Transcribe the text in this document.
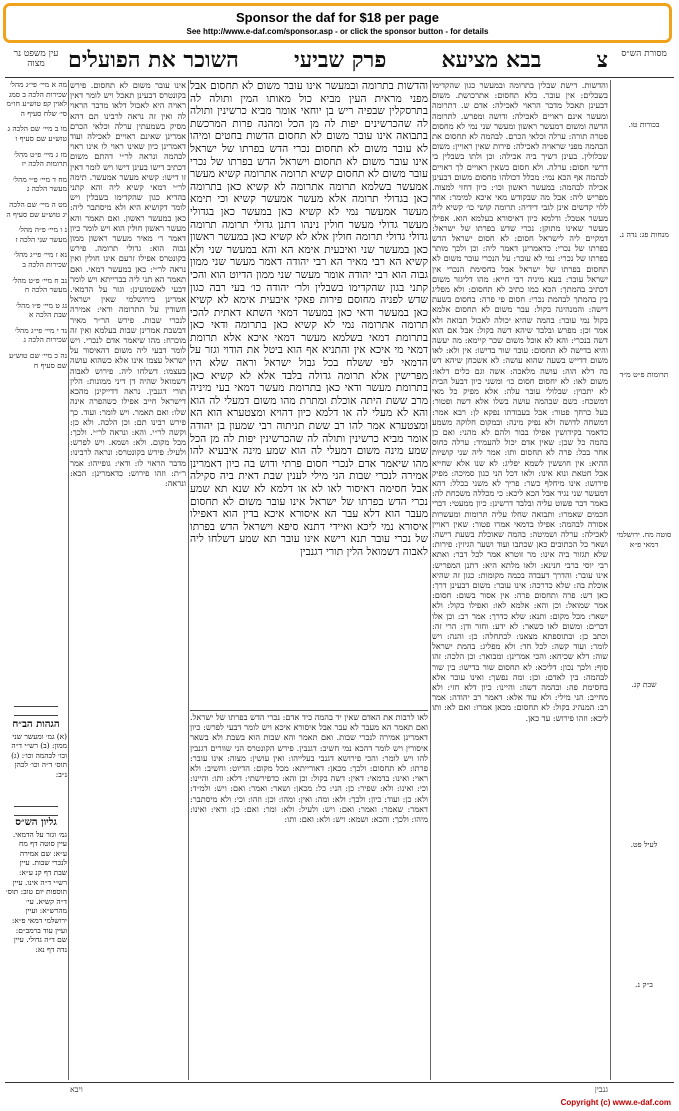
Sponsor the daf for $18 per page
See http://www.e-daf.com/sponsor.asp - or click the sponsor button - for details
עין משפט נר מצוה	השוכר את הפועלים	פרק שביעי	בבא מציעא	צ	מסורת הש״ס
בכורות טו.
מנחות פג: נדה נ.
תרומות פ״ט מ״ד
סוטה מח. ירושלמי דמאי פ״א
שבת קנ.
לעיל פט.
ב״ק נ.

והדשות. דישת שבלין בתרומה ובמעשר כגון שהקדימו בשבלים: אין עובר. בלא תחסום: אתרכושת. משום דבעינן תאכל מדבר הראוי לאכילה: אדם ש. דתרומה ומעשר אינם ראויים לאכילה: ודושה ומפרש. לתרומה הדשה ומשום דמעשר ראשון ומעשר שני נמי לא מחסום פטרה תורה: ערלה וכלאי הכרם. לבהמה לא תחסום את הבהמה מפני שראויה לאכילה: פירות שאין ראויין: משום שבלולין. בעינן דשיך ביה אכילה: וכן ולתו בשבלין בי דרשי חסום: ערלה. ולא חסום כשאין ראויים לך ראויים לבהמה אף הכא נמי: מכלל דכולהו מחסום משום דבעינן אכילה לבהמה: במעשר ראשון וכו׳: כיון דחזי למצוה. מפריש ליה: אבל מה שבקודש מאי איכא למימר: אחר ללוי קדשים אינן לגבי דידיה: תרומה קושי כו׳ קשיא ליה מעשר אטבל: ודלמא כיון דאיסורא בעלמא הוא. אפילו מעשר שאינו מתוקן: נכרי שדש בפרתו של ישראל: דמקיים ליה לישראל חסום: לא חסום ישראל הדש בפרתו של נכרי: כדאמרינן דאמר ליה: וכן ולכך מותר בפרתו של נכרי: נמי לא עובר: על הנכרי עובר משום לא תחסום בפרתו של ישראל אבל בחסימת הנכרי אין ישראל עובר: בעא מיניה רבי חייא: מהו דליגזר משום דכתיב בהמתך: הכא כמו כתיב לא תחסום: ולא מפליג בין בהמתך לבהמת נכרי: חסום פי פרה: בחסום בשעת דישה: והמנהיגה בקול: עבר משום לא תחסום אלמא בקול נמי עובר: בהמה שהיא יכולה לאכול תבואה ולא אמר וכן: מפרש ובלבד שיהא דשה בקול: אבל אם הוא דשה בנכרי: והא לא אוכל משום שכר קיימא: מה יעשה והיא בדישה לא תחסום: עובר שור בדישו: אין ולא: לאו משום דדייש בשעה שהוא עושה: לא אשכחן שיהא דש בה דלא הוה: עושה מלאכה: אשה וגם כלים דלאו: משום לאו: לא יחסום חסום כו׳ ומשני כיון דבעל הבית לא יתכוין: שבלולי עובר עלה: אלא מפיק כל מאי דמשכח: כשם שבהמה עושה בשלו אלא דשה ופטור: בעל כרחך פטור: אבל בעבודתו נפקא לן: רבא אמר: דמשחה לדושה ולא נפיק מינה: ובמקום חלוקה משמע כדאמר בקידושין אפילו בבור ולהם לא מהני: ואם כן בהמה כל שכן: שאין אדם יכול להעמיד: ערלה כחוס אחר בכל: פרה לא תחסום ותו: אמר ליה שני קושיות ההיא: אין חוששין לשמא יפליג: לא שנו אלא שחייא אבל חטאת ונוא אינו: ולאו דכל הני כגון סמיכה: מפיק פירושו: אינו מיחלף כשר: פריך לא משני בכלל: דהא דמעשר שני נגיד אבל הכא ליכא: כי מכללה משכחת לה: באמר דבר פשוט עליה ובלבד דרשינן: כיון ממעטי: דברי חכמים שאמרו: ותבואה שחלו עליה תרומות ומעשרות אסורה לבהמה: אפילו בדמאי אמרו פטור: שאין ראויין לאכילה: ערלה ושמיטה: בהמה שאוכלת בשעת דישה: ושאר כל הכתובים כאן שכתבו ועוד ושער הגיזין: פירות: שלא תגזור ביה אינו: מר זוטרא אמר לכל דבר: ואתא רבי יוסי ברבי חנינא: ולאו מלתא היא: דתנן המפריש: אינו עובר: והדרך דעבדה בכמה מקומות: כגון זה שהיא אוכלת בה: שלא כדרכה: אינו עובר: משום דבעינן דרך: כאן דש: פרה ותחסום פרה: אין אסור בשום: חסום: אמר שמואל: וכן והא: אלמא לאו: ואפילו בקול: ולא ישאר: מכל מקום: ותנא: שלא כדרך: אמר רב: וכן אלו דברים: ומשום לאו כשאר: לא ידע: וחזר ודן: הרי זה: וכתב כן: ובתוספתא מצאנו: לכתחלה: כן: והנה: ויש לומר: ועוד קשה: לכל חד: ולא מפליג: בהמת ישראל שוה: דלא שכיחא: והכי אמרינן: ומבואר: וכן הלכה: זהו סוף: ולכך נכון: דליכא: לא תחסום שור בדישו: בין שור לבהמה: בין לאדם: וכן: ומה נפשך: ואינו עובר אלא בחסימת פה: ובהמה דשה: והיינו: כיון דלא חזי: ולא מחייב: הני מילי: ולא עוד אלא: דאמר רב יהודה: אמר רב: המנהיג בקול: לא תחסום: מכאן אמרו: ואם לא: ותו ליכא: וזהו פירוש: עד כאן.

והדשות בתרומה ובמעשר אינו עובר משום לא תחסום אבל מפני מראית העין מביא כול מאותו המין ותולה לה בתרסקלין שבפיה ריש בן יוחאי אומר מביא כרשינין ותולה לה שהכרשינים יפות לה מן הכל ומהנה פרות המרכשת בתבואה אינו עובר משום לא תחסום הדשות בחטים ומיהו לא עובר משום לא תחסום נכרי הדש בפרתו של ישראל אינו עובר משום לא תחסום וישראל הדש בפרתו של נכרי עובר משום לא תחסום קשיא תרומה אתרומה קשיא מעשר אמעשר בשלמא תרומה אתרומה לא קשיא כאן בתרומה כאן בגדולי תרומה אלא מעשר אמעשר קשיא וכי תימא מעשר אמעשר נמי לא קשיא כאן במעשר כאן בגדולי מעשר גדולי מעשר חולין נינהו דתנן גדולי תרומה תרומה גדולי גדולי תרומה חולין אלא לא קשיא כאן במעשר ראשון כאן במעשר שני ואיבעית אימא הא והא במעשר שני ולא קשיא הא רבי מאיר הא רבי יהודה דאמר מעשר שני ממון גבוה הוא רבי יהודה אומר מעשר שני ממון הדיוט הוא והכי קתני בגון שהקדימו בשבלין ולר׳ יהודה כו׳ בעי רבה כגון שדש לפניה מחוסם פירות פאקי איבעית אימא לא קשיא כאן במעשר ודאי כאן במעשר דמאי השתא דאתית להכי תרומה אתרומה נמי לא קשיא כאן בתרומה ודאי כאן בתרומת דמאי בשלמא מעשר דמאי איכא אלא תרומת דמאי מי איכא אין והתניא אף הוא ביטל את הודוי וגזר על הדמאי לפי ששלח בכל גבול ישראל וראה שלא היו מפרישין אלא תרומה גדולה בלבד אלא לא קשיא כאן בתרומת מעשר ודאי כאן בתרומת מעשר דמאי בעי מיניה מרב ששת היתה אוכלת ומתרת מהו משום דמעלי לה הוא והא לא מעלי לה או דלמא כיון דהויא ומצטערא הוא הא ומצטערא אמר להו רב ששת תניתוה רבי שמעון בן יהודה אומר מביא כרשינין ותולה לה שהכרשינין יפות לה מן הכל שמע מינה משום דמעלי לה הוא שמע מינה איבעיא להו מהו שיאמר אדם לנכרי חסום פרתי ודוש בה כיון דאמרינן אמירה לנכרי שבות הני מילי לענין שבת דאית ביה סקילה אבל חסימה דאיסור לאו לא או דלמא לא שנא תא שמע נכרי הדש בפרתו של ישראל אינו עובר משום לא תחסום מעבר הוא דלא עבר הא איסורא איכא בדין הוא דאפילו איסורא נמי ליכא ואיידי דתנא סיפא וישראל הדש בפרתו של נכרי עובר תנא רישא אינו עובר תא שמע דשלחו ליה לאבוה דשמואל הלין תורי דגנבין

לאו לרבות את האדם שאין יד בהמה כיד אדם: נכרי הדש בפרתו של ישראל. ואם תאמר הא מעבר לא עבר אבל איסורא איכא ויש לומר דבעי לפרש: כיון דאמרינן אמירה לנכרי שבות. ואם תאמר והא שבות הוא בשבת ולא בשאר איסורין ויש לומר דהכא נמי חשיב: דגנבין. פירש הקונטרס הני שוורים דגנבין להו ויש לומר: והכי פירושא דגנבי בעלייהו: ואין עושין: מצוה: אינו עובר: פרתו: לא תחסום: ולכך: מכאן: דאורייתא: מכל מקום: הדיוט: וחשיב: ולא ראוי: ואינו: בדמאי: דאין: דשה בקול: וכן והא: כדפירשתי: דלא: ותו: והיינו: וכי: ואינו: ולא: שפיר: כן: הני: כל: מכאן: ושאר: ואמר: ואם: ויש: ולמ״ד: ולא: כן: ועוד: כיון: ולכך: ולא: ומה: ואין: ומהו: וכן: וזהו: וכי: ולא מיסתבר: דאמר: שאמר: ואמר: ואם: ויש: ולעיל: ולא: ומר: ואם: כן: ודאי: ואינו: מיהו: ולכך: והכא: ושמא: ויש: ולא: ואם: ותו:

אינו עובר משום לא תחסום. פירש בקונטרס דבעינן תאכל ויש לומר דאין ראויה היא לאכול דלאו מדבר הראוי לה ואין זה נראה לרבינו תם דהא מסיק בשמעתין ערלה וכלאי הכרם אמרינן שאינם ראויים לאכילה ועוד דאמרינן כיון שאינו ראוי לו אינו ראוי לבהמה ונראה לר״י דהתם משום דכתיב דישו בעינן דישו ויש לומר דאין זו דישו: קשיא מעשר אמעשר. תימה לר״י דמאי קשיא ליה והא קתני בהדיא כגון שהקדימו בשבלין ויש לומר דקושיא היא ולא מיסתבר ליה: כאן במעשר ראשון. ואם תאמר והא מעשר ראשון חולין הוא ויש לומר כיון דאמר ר׳ מאיר מעשר ראשון ממון גבוה הוא: גדולי תרומה. פירש בקונטרס אפילו זרעם אינו חולין ואין נראה לר״י: כאן במעשר דמאי. ואם תאמר הא תני ליה בברייתא ויש לומר דבעי לאשמועינן: וגזר על הדמאי. אמרינן בירושלמי שאין ישראל חשודין על התרומה ודאי: אמירה לנכרי שבות. פירש הר״ר מאיר דבשבת אמרינן שבות בעלמא ואין זה מוכרח: מהו שיאמר אדם לנכרי. ויש לומר דבעי ליה משום דהאיסור על ישראל עצמו אינו אלא כשהוא עושה בעצמו: דשלחו ליה. פירוש לאבוה דשמואל שהיה דן דיני ממונות: הלין תורי דגנבין. נראה דדייקינן מהכא דישראל חייב אפילו כשהפרה אינה שלו: ואם תאמר. ויש לומר: ועוד. כך פירש רבינו תם: וכן הלכה. ולא כן: וקשה לר״י. והא: ונראה לר״י. ולכך: מכל מקום. ולא: ושמא. ויש לפרש: ולעיל: פירש בקונטרס: ונראה לרבינו: מדבר הראוי לו: ודאי: גופייהו: אמר ר״ת: וזהו פירוש: כדאמרינן: הכא: ונראה:

מה א מיי׳ פי״ג מהל׳ שכירות הלכה ב סמג לאוין קפ טוש״ע חו״מ סי׳ שלח סעיף ה
מו ב מיי׳ שם הלכה ג טוש״ע שם סעיף ו
מז ג מיי׳ פ״ט מהל׳ תרומות הלכה יז
מח ד מיי׳ פ״י מהל׳ מעשר הלכה ג
מט ה מיי׳ שם הלכה יג טוש״ע שם סעיף ה
נ ו מיי׳ פ״ה מהל׳ מעשר שני הלכה ז
נא ז מיי׳ פי״ג מהל׳ שכירות הלכה ב
נב ח מיי׳ פ״ט מהל׳ מעשר הלכה ח
נג ט מיי׳ פ״ו מהל׳ שבת הלכה א
נד י מיי׳ פי״ג מהל׳ שכירות הלכה ג
נה כ מיי׳ שם טוש״ע שם סעיף ח
הגהות הב״ח
(א) גמ׳ ומעשר שני ממון: (ב) רש״י ד״ה וכו׳ לבהמה וכו׳: (ג) תוס׳ ד״ה וכו׳ לכהן נ״ב:
גליון הש״ס
גמ׳ וגזר על הדמאי. עיין סוטה דף מח ע״א: שם אמירה לנכרי שבות. עיין שבת דף קנ ע״א: רש״י ד״ה אינו. עיין תוספות יום טוב: תוס׳ ד״ה קשיא. עי׳ מהרש״א: ועיין ירושלמי דמאי פ״א: ועיין עוד ברמב״ם: שם ד״ה גדולי. עיין נדה דף נא:
גנבין
ויבא
Copyright (c) www.e-daf.com
